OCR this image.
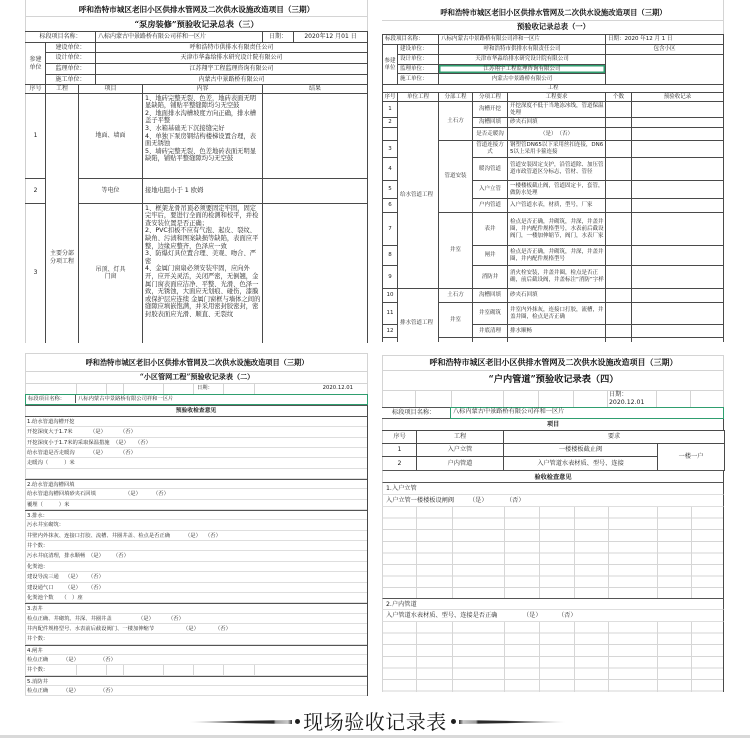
呼和浩特市城区老旧小区供排水管网及二次供水设施改造项目（三期）
“泵房装修”预验收记录总表（三）
标段项目名称：			八标内蒙古中景路桥有限公司祥和一区片		日期：	2020年12 月01 日
参建单位	建设单位：		呼和浩特市供排水有限责任公司			
	设计单位：		天津市华淼给排水研究设计院有限公司			
	监理单位：		江苏翔宇工程监理咨询有限公司			
	施工单位：		内蒙古中景路桥有限公司			
序号	工程	项目		内容	结果	
1	主要分部分项工程	地面、墙面		1、地砖完整无裂、色差，地砖表面无明显缺陷，铺贴平整缝隙均匀无空鼓
2、地面排水沟槽坡度方向正确，排水槽盖子平整
3、水箱基础无下沉接缝完好
4、单独下泵房钢结构楼梯设置合理，表面无锈蚀
5、墙砖完整无裂、色差地砖表面无明显缺陷，铺贴平整缝隙均匀无空鼓		

2		等电位		接地电阻小于 1 欧姆		

3		吊顶、灯具门窗		1、框架龙骨吊顶必须要固定牢固，固定完牢后，要进行全面的检测和校平，并检查安装位置是否正确；
2、PVC扣板不应有气泡、起皮、裂纹、缺角、污渍和图案缺损等缺陷，表面应平整，边缘应整齐，色泽应一致
3、防爆灯具位置合理、美观、吻合、严密
4、金属门窗扇必须安装牢固，应向外开，应开关灵活，关闭严密，无倒翘，金属门窗表面应洁净、平整、光滑、色泽一致，无锈蚀，大面应无划痕、碰伤，漆膜或保护层应连续 金属门窗框与墙体之间的缝隙应填嵌饱满，并采用密封胶密封，密封胶表面应光滑、顺直、无裂纹		

呼和浩特市城区老旧小区供排水管网及二次供水设施改造项目（三期）
预验收记录总表（一）
标段项目名称：		八标内蒙古中景路桥有限公司祥和一区片			日期：2020 年12 月 1 日	
参建单位	建设单位：	呼和浩特市供排水有限责任公司			包含小区	
	设计单位：	天津市华淼给排水研究设计院有限公司				
	监理单位：	江苏翔宇工程监理咨询有限公司				
	施工单位：	内蒙古中景路桥有限公司				
工程						
序号	单位工程	分部工程	分项工程	工程要求	个数	预验收记录
1	给水管道工程	土石方	沟槽开挖	开挖深度不低于当地冻冰线，管道保温处理		
2			沟槽回填	砂夹石回填		
			是否走暖沟	（是）　（否）		
3		管道安装	管道连接方式	钢塑管DN65以下采用丝扣连接，DN65以上采用卡箍连接		
4			暖沟管道	管道安装固定支护，沿管道除、加压管道市政管道区分标志，管材、管径		
5			入户立管	一楼楼板截止阀，管道固定卡，套管，做防水处理		
6			户内管道	入户管道水表，材质，型号，厂家		
7		井室	表井	检点是否正确，井砌筑，井深，井盖井圈，井内配件规格型号，水表前后截设阀门，一楼加伸缩节，阀门，水表厂家		
8			闸井	检点是否正确，井砌筑，井深，井盖井圈，井内配件规格型号		
9			消防井	消火栓安装，井盖井圈，检点是否正确，前后截设阀，井盖标注“消防”字样		
10	排水管道工程	土石方	沟槽回填	砂夹石回填		
11		井室	井室砌筑	井室内外抹灰，连接口打胶，流槽，井盖井圈，检点是否正确		
12			井底清理	排水顺畅		

呼和浩特市城区老旧小区供排水管网及二次供水设施改造项目（三期）
“小区管网工程”预验收记录表（二）
日期：	2020.12.01
标段项目名称： 八标内蒙古中景路桥有限公司祥和一区片
预验收检查意见
1.给水管道沟槽开挖
开挖深度大于1.7米	（是）	（否）
开挖深度小于1.7米的采取保温措施 （是） （否）
给水管道是否走暖沟	（是）	（否）
走暖沟（　　　）米
2.给水管道沟槽回填
给水管道沟槽回填砂夹石回填	（是） （否）
覆埋（　　　）米
3.排水：
污水井室砌筑：
井壁内外抹灰、连接口打胶、流槽、井圈井盖、检点是否正确	（是） （否）
井个数：
污水井底清理，排水顺畅 （是） （否）
化粪池：
建设导流三通 （是） （否）
建设通气口 （是） （否）
化粪池个数　　（　）座
3.表井
检点正确、井砌筑、井深、井圈井盖	（是）	（否）
井内配件规格型号、水表前后截设阀门、一楼加伸缩节	（是）	（否）
井个数：
4.闸井
检点正确	（是）	（否）
井个数：
5.消防井
检点正确	（是）	（否）
呼和浩特市城区老旧小区供排水管网及二次供水设施改造项目（三期）
“户内管道”预验收记录表（四）
日期：
2020.12.01
标段项目名称：	八标内蒙古中景路桥有限公司祥和一区片
项目
序号	工程	要求	
1	入户立管	一楼楼板截止阀	一楼一户
2	户内管道	入户管道水表材质、型号、连接	
验收检查意见
1.入户立管
入户立管一楼楼板设闸阀 （是）	（否）
2.户内管道
入户管道水表材质、型号、连接是否正确	（是）	（否）
现场验收记录表
